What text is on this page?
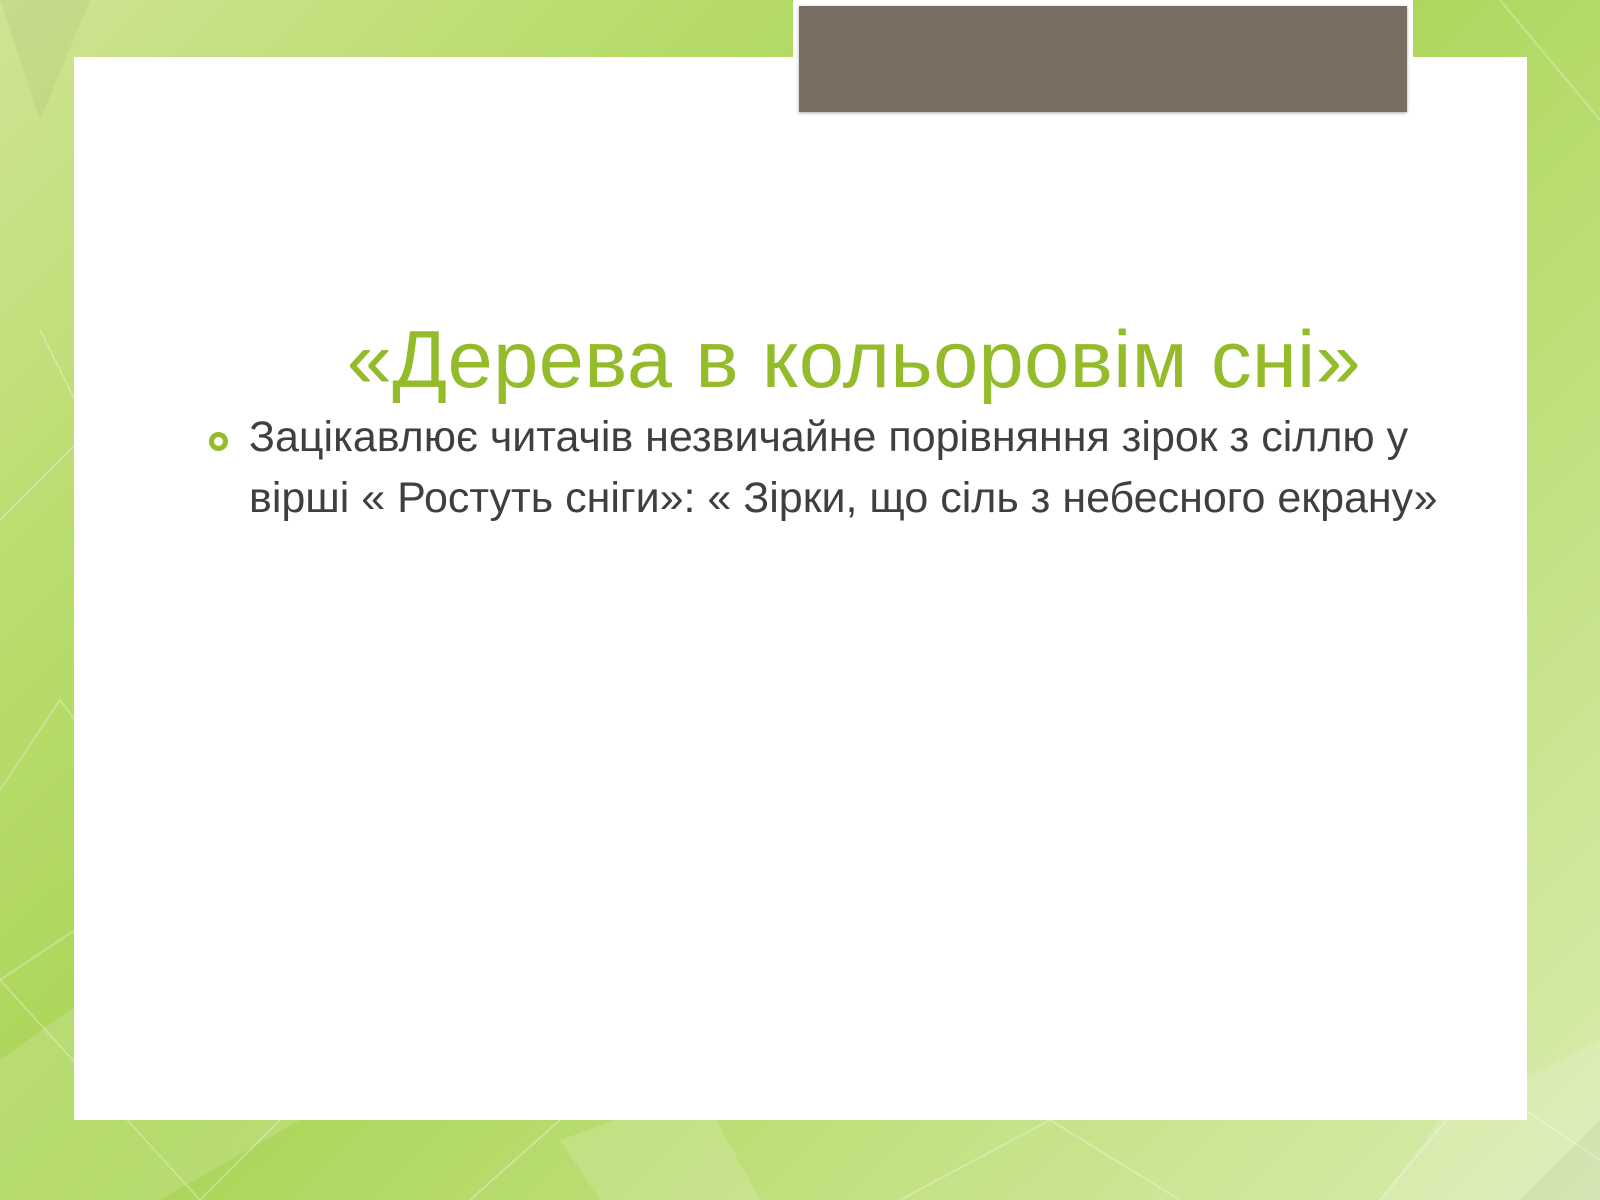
«Дерева в кольоровім сні»
Зацікавлює читачів незвичайне порівняння зірок з сіллю у вірші « Ростуть сніги»: « Зірки, що сіль з небесного екрану»
